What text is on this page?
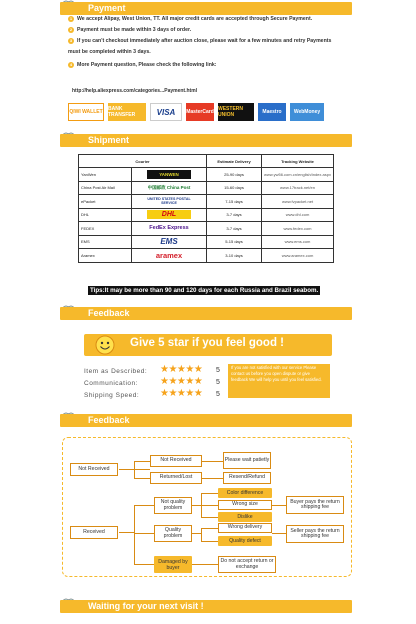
Payment
1 We accept Alipay, West Union, TT. All major credit cards are accepted through Secure Payment.
2 Payment must be made within 3 days of order.
3 If you can't checkout immediately after auction close, please wait for a few minutes and retry Payments
must be completed within 3 days.
4 More Payment question, Please check the following link:
http://help.aliexpress.com/categories...Payment.html
QIWI WALLET BANK TRANSFER	VISA	MasterCard WESTERN UNION	Maestro	WebMoney
Shipment
Courier		Estimate Delivery	Tracking Website
YanWen	YANWEN	25-90 days	www.yw56.com.cn/english/index.aspx
China Post Air Mail	中国邮政 China Post	15-60 days	www.17track.net/en
ePacket	UNITED STATES POSTAL SERVICE	7-15 days	www.fvpacket.net
DHL	DHL	3-7 days	www.dhl.com
FEDEX	FedEx Express	3-7 days	www.fedex.com
EMS	EMS	5-15 days	www.ems.com
Aramex	aramex	3-10 days	www.aramex.com
Tips:It may be more than 90 and 120 days for each Russia and Brazil seabom.
Feedback
Give 5 star if you feel good !
Item as Described: ★★★★★ 5
Communication: ★★★★★ 5
Shipping Speed: ★★★★★ 5
If you are not satisfied with our service Please contact us before you open dispute or give feedback We will help you until you feel satisfied.
Feedback
Not Received
Not Received	Please wait patietly
Returned/Lost	Resend/Refund
Received
Not quality problem
Color difference
Wrong size
Dislike
Buyer pays the return shipping fee
Quality problem
Wrong delivery
Quality defect
Seller pays the return shipping fee
Damaged by buyer
Do not accept return or exchange
Waiting for your next visit !
